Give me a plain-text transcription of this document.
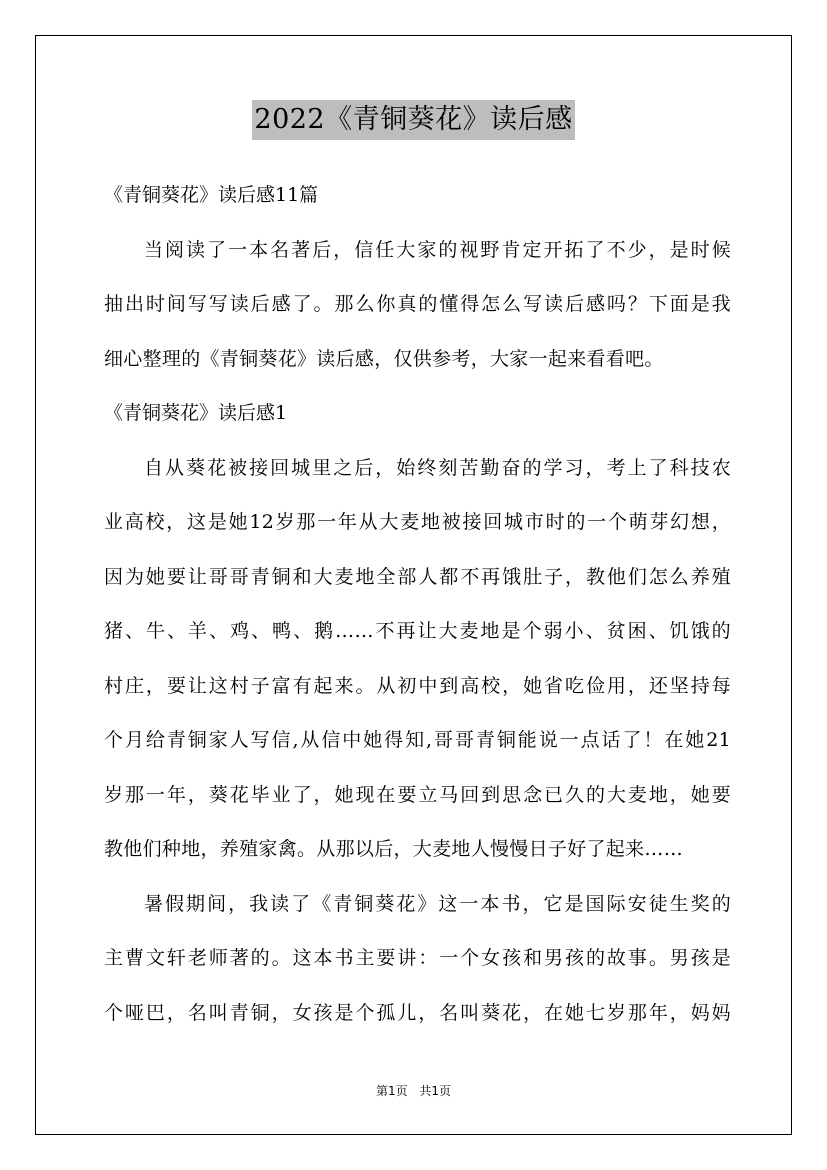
2022《青铜葵花》读后感
《青铜葵花》读后感11篇
当阅读了一本名著后，信任大家的视野肯定开拓了不少，是时候
抽出时间写写读后感了。那么你真的懂得怎么写读后感吗？下面是我
细心整理的《青铜葵花》读后感，仅供参考，大家一起来看看吧。
《青铜葵花》读后感1
自从葵花被接回城里之后，始终刻苦勤奋的学习，考上了科技农
业高校，这是她12岁那一年从大麦地被接回城市时的一个萌芽幻想，
因为她要让哥哥青铜和大麦地全部人都不再饿肚子，教他们怎么养殖
猪、牛、羊、鸡、鸭、鹅……不再让大麦地是个弱小、贫困、饥饿的
村庄，要让这村子富有起来。从初中到高校，她省吃俭用，还坚持每
个月给青铜家人写信,从信中她得知,哥哥青铜能说一点话了！在她21
岁那一年，葵花毕业了，她现在要立马回到思念已久的大麦地，她要
教他们种地，养殖家禽。从那以后，大麦地人慢慢日子好了起来……
暑假期间，我读了《青铜葵花》这一本书，它是国际安徒生奖的
主曹文轩老师著的。这本书主要讲：一个女孩和男孩的故事。男孩是
个哑巴，名叫青铜，女孩是个孤儿，名叫葵花，在她七岁那年，妈妈
第1页 共1页
